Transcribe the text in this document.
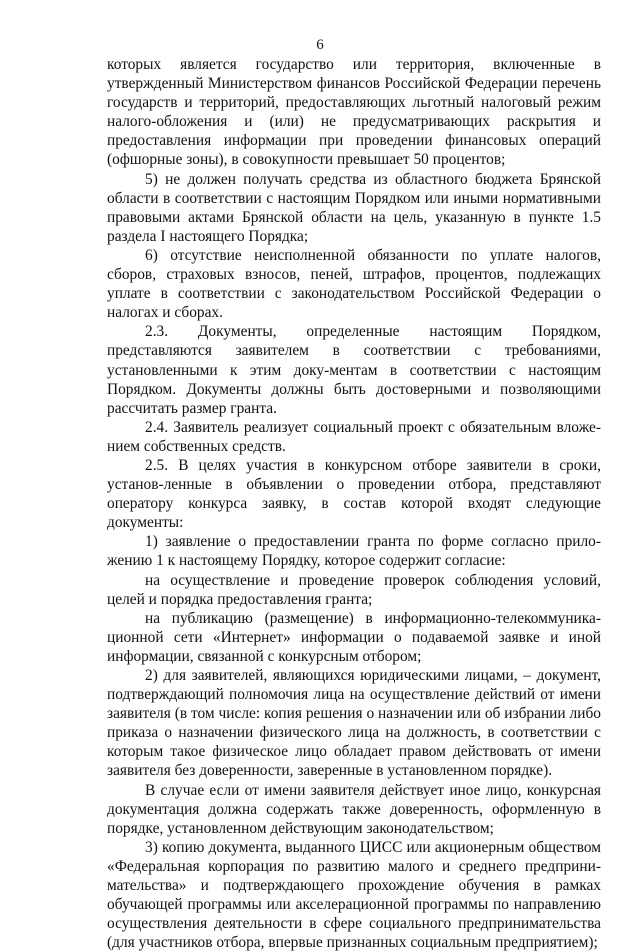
6

которых является государство или территория, включенные в утвержденный Министерством финансов Российской Федерации перечень государств и территорий, предоставляющих льготный налоговый режим налого-обложения и (или) не предусматривающих раскрытия и предоставления информации при проведении финансовых операций (офшорные зоны), в совокупности превышает 50 процентов;

5) не должен получать средства из областного бюджета Брянской области в соответствии с настоящим Порядком или иными нормативными правовыми актами Брянской области на цель, указанную в пункте 1.5 раздела I настоящего Порядка;

6) отсутствие неисполненной обязанности по уплате налогов, сборов, страховых взносов, пеней, штрафов, процентов, подлежащих уплате в соответствии с законодательством Российской Федерации о налогах и сборах.

2.3. Документы, определенные настоящим Порядком, представляются заявителем в соответствии с требованиями, установленными к этим доку-ментам в соответствии с настоящим Порядком. Документы должны быть достоверными и позволяющими рассчитать размер гранта.

2.4. Заявитель реализует социальный проект с обязательным вложе-нием собственных средств.

2.5. В целях участия в конкурсном отборе заявители в сроки, установ-ленные в объявлении о проведении отбора, представляют оператору конкурса заявку, в состав которой входят следующие документы:

1) заявление о предоставлении гранта по форме согласно прило-жению 1 к настоящему Порядку, которое содержит согласие:

на осуществление и проведение проверок соблюдения условий, целей и порядка предоставления гранта;

на публикацию (размещение) в информационно-телекоммуника-ционной сети «Интернет» информации о подаваемой заявке и иной информации, связанной с конкурсным отбором;

2) для заявителей, являющихся юридическими лицами, – документ, подтверждающий полномочия лица на осуществление действий от имени заявителя (в том числе: копия решения о назначении или об избрании либо приказа о назначении физического лица на должность, в соответствии с которым такое физическое лицо обладает правом действовать от имени заявителя без доверенности, заверенные в установленном порядке).

В случае если от имени заявителя действует иное лицо, конкурсная документация должна содержать также доверенность, оформленную в порядке, установленном действующим законодательством;

3) копию документа, выданного ЦИСС или акционерным обществом «Федеральная корпорация по развитию малого и среднего предприни-мательства» и подтверждающего прохождение обучения в рамках обучающей программы или акселерационной программы по направлению осуществления деятельности в сфере социального предпринимательства (для участников отбора, впервые признанных социальным предприятием);
